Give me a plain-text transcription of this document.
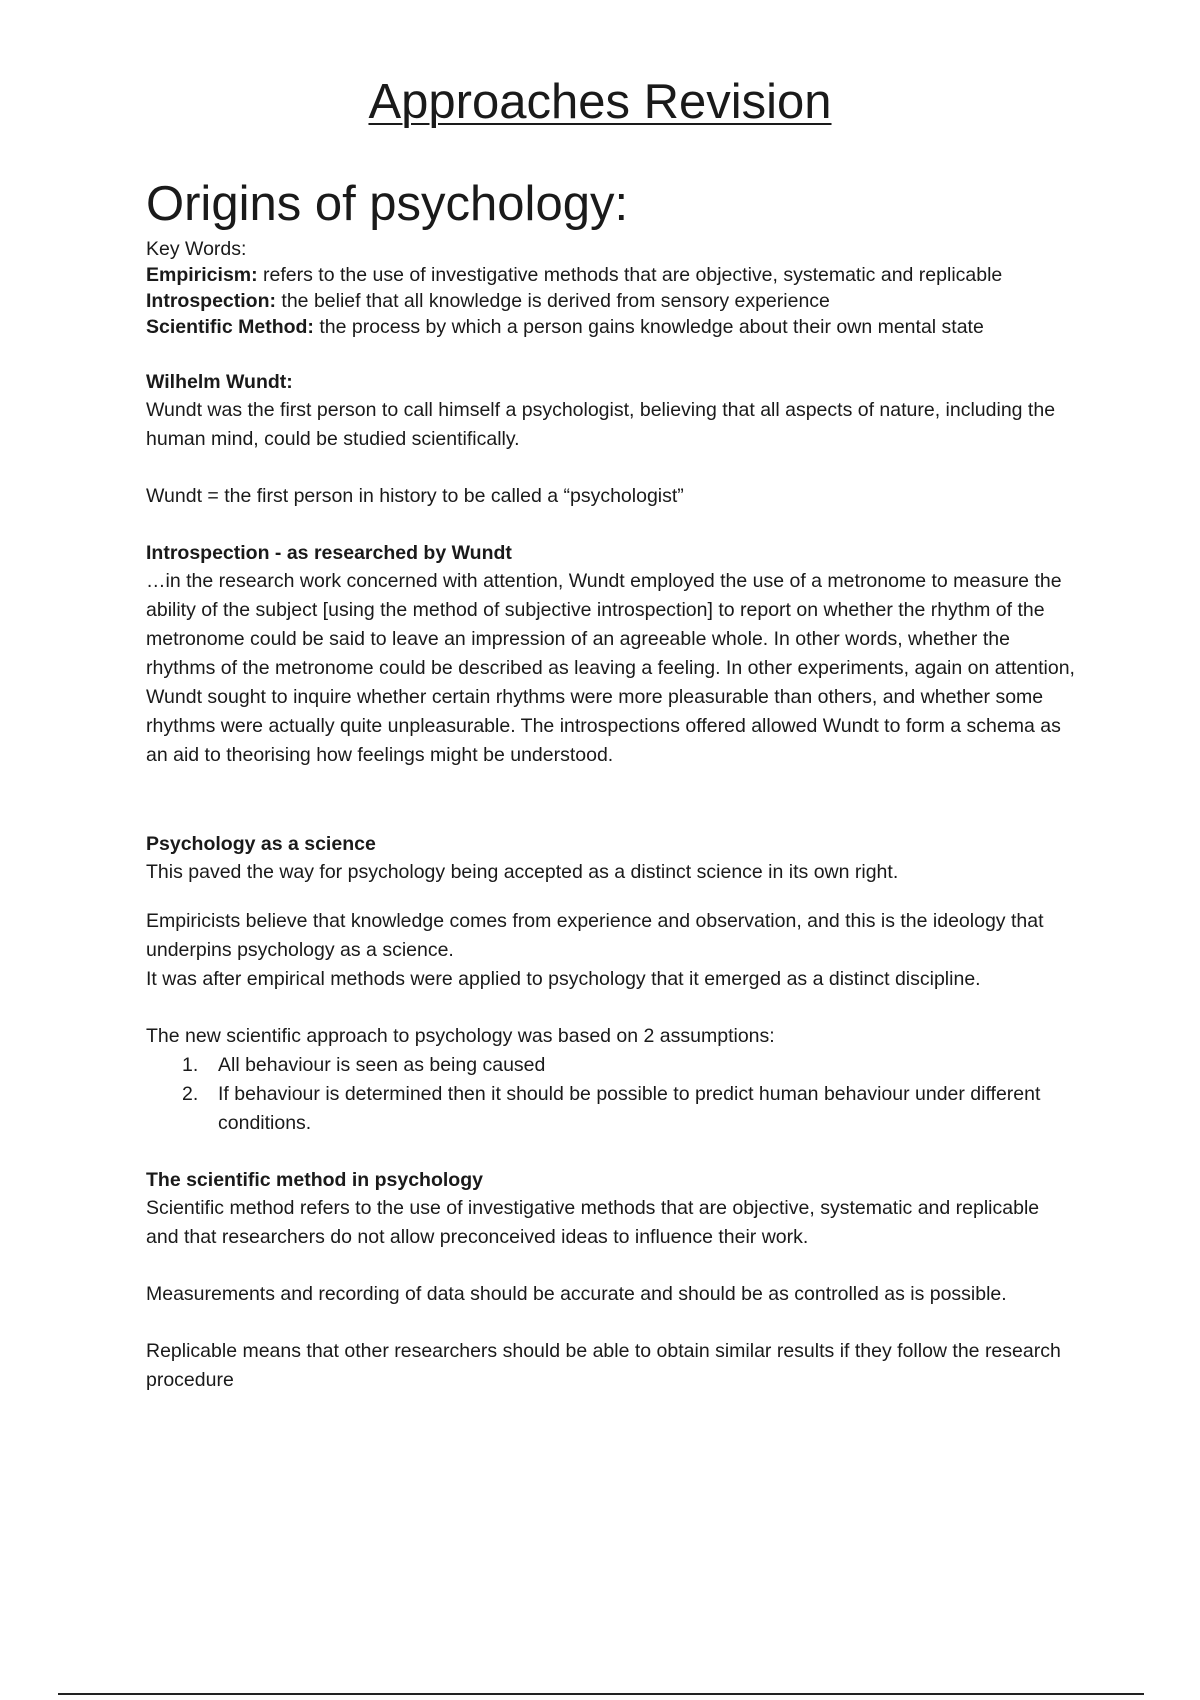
Approaches Revision
Origins of psychology:

Key Words:

Empiricism: refers to the use of investigative methods that are objective, systematic and replicable

Introspection: the belief that all knowledge is derived from sensory experience

Scientific Method: the process by which a person gains knowledge about their own mental state

Wilhelm Wundt:

Wundt was the first person to call himself a psychologist, believing that all aspects of nature, including the human mind, could be studied scientifically.

Wundt = the first person in history to be called a “psychologist”

Introspection - as researched by Wundt

…in the research work concerned with attention, Wundt employed the use of a metronome to measure the ability of the subject [using the method of subjective introspection] to report on whether the rhythm of the metronome could be said to leave an impression of an agreeable whole. In other words, whether the rhythms of the metronome could be described as leaving a feeling. In other experiments, again on attention, Wundt sought to inquire whether certain rhythms were more pleasurable than others, and whether some rhythms were actually quite unpleasurable. The introspections offered allowed Wundt to form a schema as an aid to theorising how feelings might be understood.

Psychology as a science

This paved the way for psychology being accepted as a distinct science in its own right.

Empiricists believe that knowledge comes from experience and observation, and this is the ideology that underpins psychology as a science.

It was after empirical methods were applied to psychology that it emerged as a distinct discipline.

The new scientific approach to psychology was based on 2 assumptions:

1. All behaviour is seen as being caused
2. If behaviour is determined then it should be possible to predict human behaviour under different conditions.

The scientific method in psychology

Scientific method refers to the use of investigative methods that are objective, systematic and replicable and that researchers do not allow preconceived ideas to influence their work.

Measurements and recording of data should be accurate and should be as controlled as is possible.

Replicable means that other researchers should be able to obtain similar results if they follow the research procedure
